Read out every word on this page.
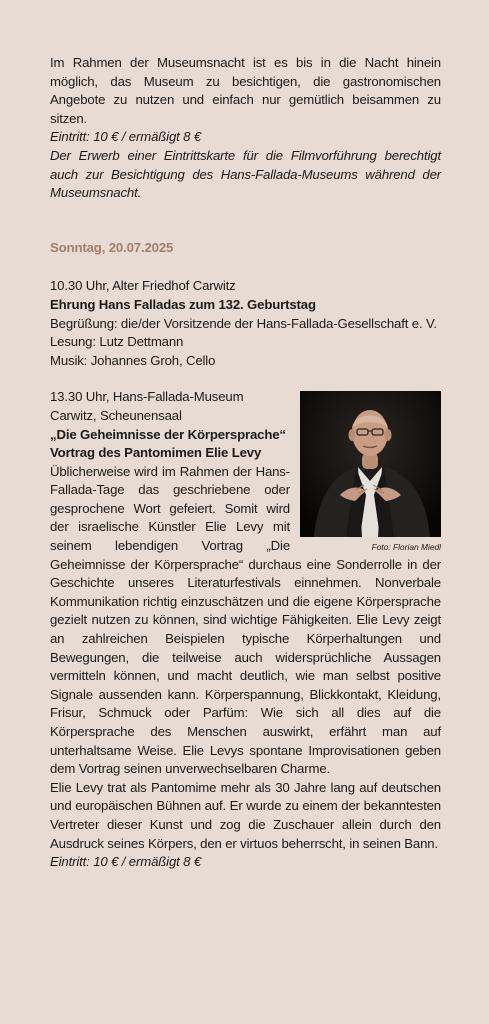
Im Rahmen der Museumsnacht ist es bis in die Nacht hinein möglich, das Museum zu besichtigen, die gastronomischen Angebote zu nutzen und einfach nur gemütlich beisammen zu sitzen.

Eintritt: 10 € / ermäßigt 8 €

Der Erwerb einer Eintrittskarte für die Filmvorführung berechtigt auch zur Besichtigung des Hans-Fallada-Museums während der Museumsnacht.

Sonntag, 20.07.2025

10.30 Uhr, Alter Friedhof Carwitz

Ehrung Hans Falladas zum 132. Geburtstag

Begrüßung: die/der Vorsitzende der Hans-Fallada-Gesellschaft e. V.

Lesung: Lutz Dettmann

Musik: Johannes Groh, Cello

Foto: Florian Miedl

13.30 Uhr, Hans-Fallada-Museum

Carwitz, Scheunensaal

„Die Geheimnisse der Körpersprache“

Vortrag des Pantomimen Elie Levy

Üblicherweise wird im Rahmen der Hans-Fallada-Tage das geschriebene oder gesprochene Wort gefeiert. Somit wird der israelische Künstler Elie Levy mit seinem lebendigen Vortrag „Die Geheimnisse der Körpersprache“ durchaus eine Sonderrolle in der Geschichte unseres Literaturfestivals einnehmen. Nonverbale Kommunikation richtig einzuschätzen und die eigene Körpersprache gezielt nutzen zu können, sind wichtige Fähigkeiten. Elie Levy zeigt an zahlreichen Beispielen typische Körperhaltungen und Bewegungen, die teilweise auch widersprüchliche Aussagen vermitteln können, und macht deutlich, wie man selbst positive Signale aussenden kann. Körperspannung, Blickkontakt, Kleidung, Frisur, Schmuck oder Parfüm: Wie sich all dies auf die Körpersprache des Menschen auswirkt, erfährt man auf unterhaltsame Weise. Elie Levys spontane Improvisationen geben dem Vortrag seinen unverwechselbaren Charme.

Elie Levy trat als Pantomime mehr als 30 Jahre lang auf deutschen und europäischen Bühnen auf. Er wurde zu einem der bekanntesten Vertreter dieser Kunst und zog die Zuschauer allein durch den Ausdruck seines Körpers, den er virtuos beherrscht, in seinen Bann.

Eintritt: 10 € / ermäßigt 8 €
